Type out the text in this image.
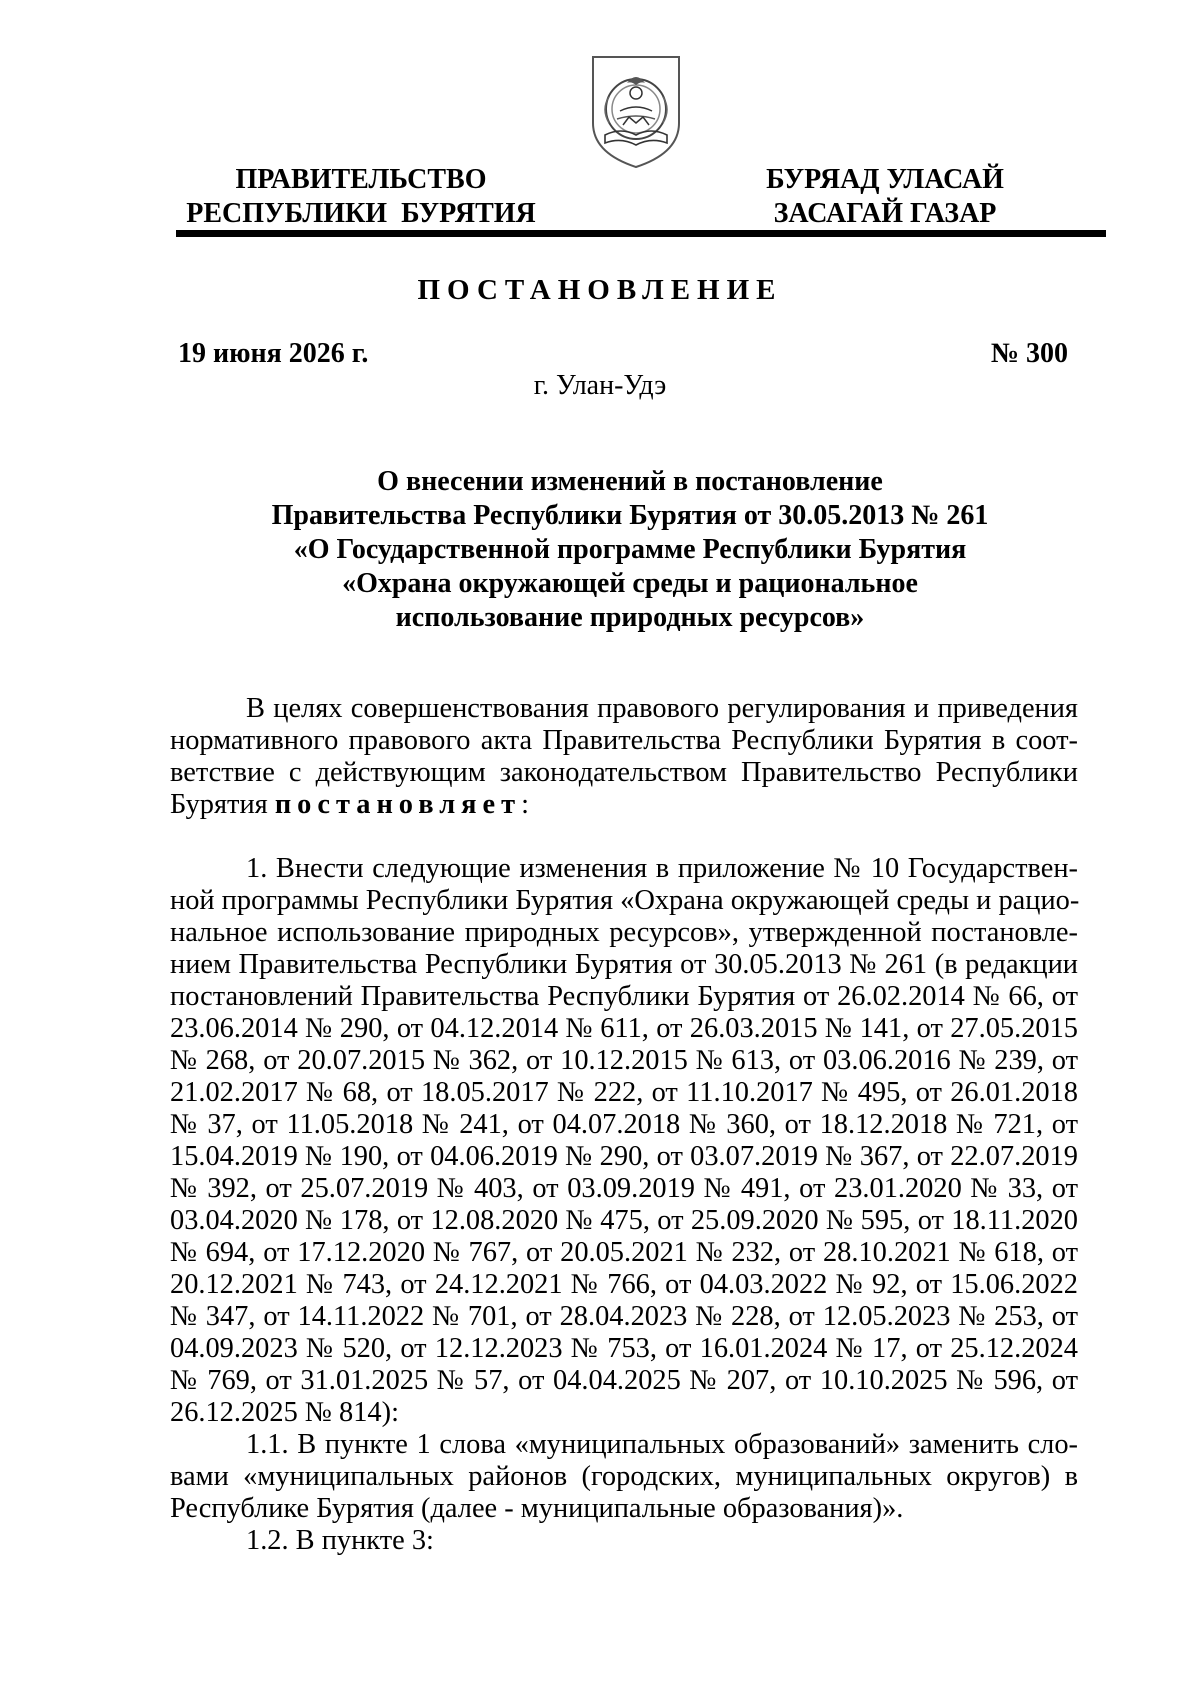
ПРАВИТЕЛЬСТВО
РЕСПУБЛИКИ  БУРЯТИЯ
БУРЯАД УЛАСАЙ
ЗАСАГАЙ ГАЗАР
ПОСТАНОВЛЕНИЕ
19 июня 2026 г.	№ 300
г. Улан-Удэ
О внесении изменений в постановление
Правительства Республики Бурятия от 30.05.2013 № 261
«О Государственной программе Республики Бурятия
«Охрана окружающей среды и рациональное
использование природных ресурсов»
В целях совершенствования правового регулирования и приведения
нормативного правового акта Правительства Республики Бурятия в соот-
ветствие с действующим законодательством Правительство Республики
Бурятия постановляет:
1. Внести следующие изменения в приложение № 10 Государствен-
ной программы Республики Бурятия «Охрана окружающей среды и рацио-
нальное использование природных ресурсов», утвержденной постановле-
нием Правительства Республики Бурятия от 30.05.2013 № 261 (в редакции
постановлений Правительства Республики Бурятия от 26.02.2014 № 66, от
23.06.2014 № 290, от 04.12.2014 № 611, от 26.03.2015 № 141, от 27.05.2015
№ 268, от 20.07.2015 № 362, от 10.12.2015 № 613, от 03.06.2016 № 239, от
21.02.2017 № 68, от 18.05.2017 № 222, от 11.10.2017 № 495, от 26.01.2018
№ 37, от 11.05.2018 № 241, от 04.07.2018 № 360, от 18.12.2018 № 721, от
15.04.2019 № 190, от 04.06.2019 № 290, от 03.07.2019 № 367, от 22.07.2019
№ 392, от 25.07.2019 № 403, от 03.09.2019 № 491, от 23.01.2020 № 33, от
03.04.2020 № 178, от 12.08.2020 № 475, от 25.09.2020 № 595, от 18.11.2020
№ 694, от 17.12.2020 № 767, от 20.05.2021 № 232, от 28.10.2021 № 618, от
20.12.2021 № 743, от 24.12.2021 № 766, от 04.03.2022 № 92, от 15.06.2022
№ 347, от 14.11.2022 № 701, от 28.04.2023 № 228, от 12.05.2023 № 253, от
04.09.2023 № 520, от 12.12.2023 № 753, от 16.01.2024 № 17, от 25.12.2024
№ 769, от 31.01.2025 № 57, от 04.04.2025 № 207, от 10.10.2025 № 596, от
26.12.2025 № 814):
1.1. В пункте 1 слова «муниципальных образований» заменить сло-
вами «муниципальных районов (городских, муниципальных округов) в
Республике Бурятия (далее - муниципальные образования)».
1.2. В пункте 3:
